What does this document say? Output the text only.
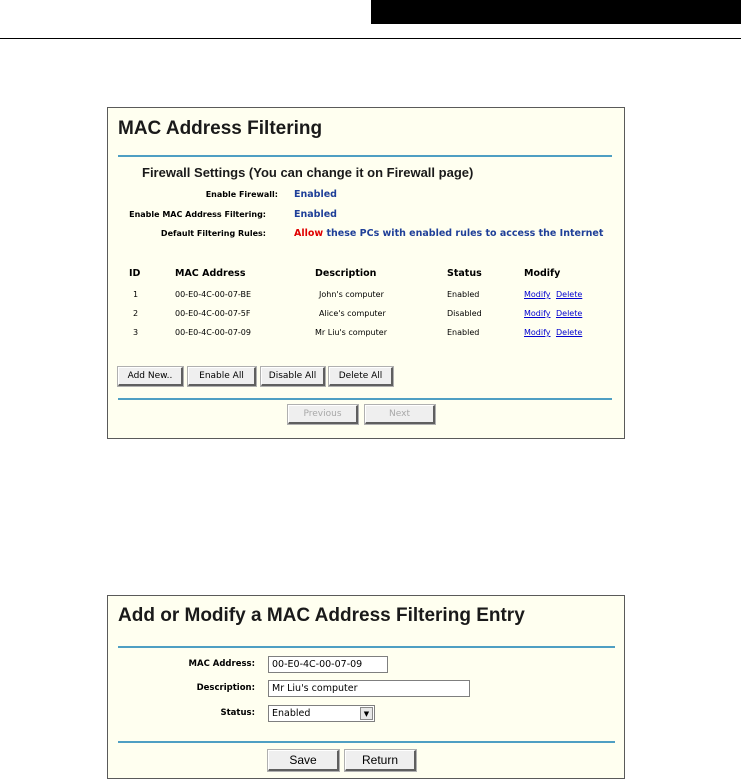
MAC Address Filtering
Firewall Settings (You can change it on Firewall page)
Enable Firewall: Enabled
Enable MAC Address Filtering:	Enabled
Default Filtering Rules:	Allow these PCs with enabled rules to access the Internet
ID	MAC Address	Description	Status	Modify
1	00-E0-4C-00-07-BE	John's computer	Enabled	Modify Delete
2	00-E0-4C-00-07-5F	Alice's computer	Disabled	Modify Delete
3	00-E0-4C-00-07-09	Mr Liu's computer	Enabled	Modify Delete
Add New..	Enable All	Disable All	Delete All
Previous	Next
Add or Modify a MAC Address Filtering Entry
MAC Address:
00-E0-4C-00-07-09
Description:
Mr Liu's computer
Status: Enabled	▼
Save	Return
